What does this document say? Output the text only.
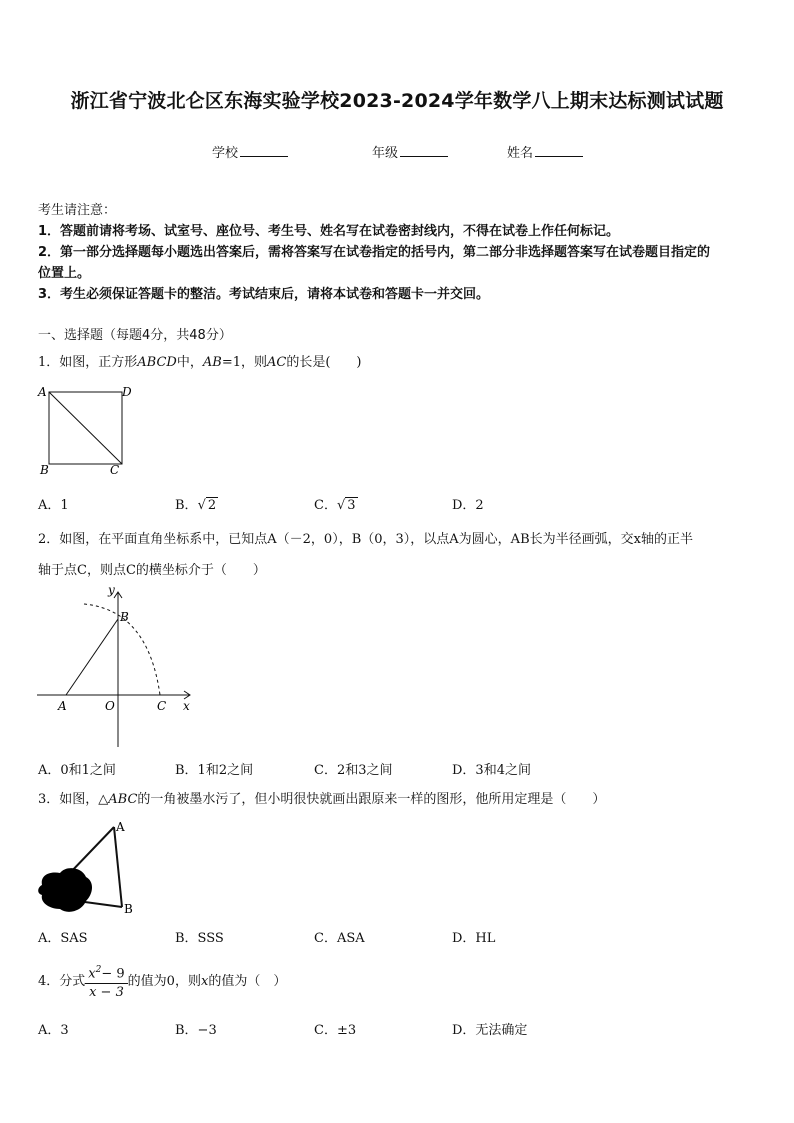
浙江省宁波北仑区东海实验学校2023-2024学年数学八上期末达标测试试题
学校	年级	姓名
考生请注意：
1．答题前请将考场、试室号、座位号、考生号、姓名写在试卷密封线内，不得在试卷上作任何标记。
2．第一部分选择题每小题选出答案后，需将答案写在试卷指定的括号内，第二部分非选择题答案写在试卷题目指定的
位置上。
3．考生必须保证答题卡的整洁。考试结束后，请将本试卷和答题卡一并交回。
一、选择题（每题4分，共48分）
1．如图，正方形ABCD中，AB=1，则AC的长是(　　)
A	D
B	C
A．1	B．√ 2	C．√ 3	D．2
2．如图，在平面直角坐标系中，已知点A（－2，0），B（0，3），以点A为圆心，AB长为半径画弧，交x轴的正半
轴于点C，则点C的横坐标介于（　　）
y
x
A	O	C
B
A．0和1之间	B．1和2之间	C．2和3之间	D．3和4之间
3．如图，△ABC的一角被墨水污了，但小明很快就画出跟原来一样的图形，他所用定理是（　　）
A
B
A．SAS	B．SSS	C．ASA	D．HL
4．分式 $\frac{x^2- 9}{x - 3}$ 的值为0，则x的值为（　）
A．3	B．−3	C．±3	D．无法确定
